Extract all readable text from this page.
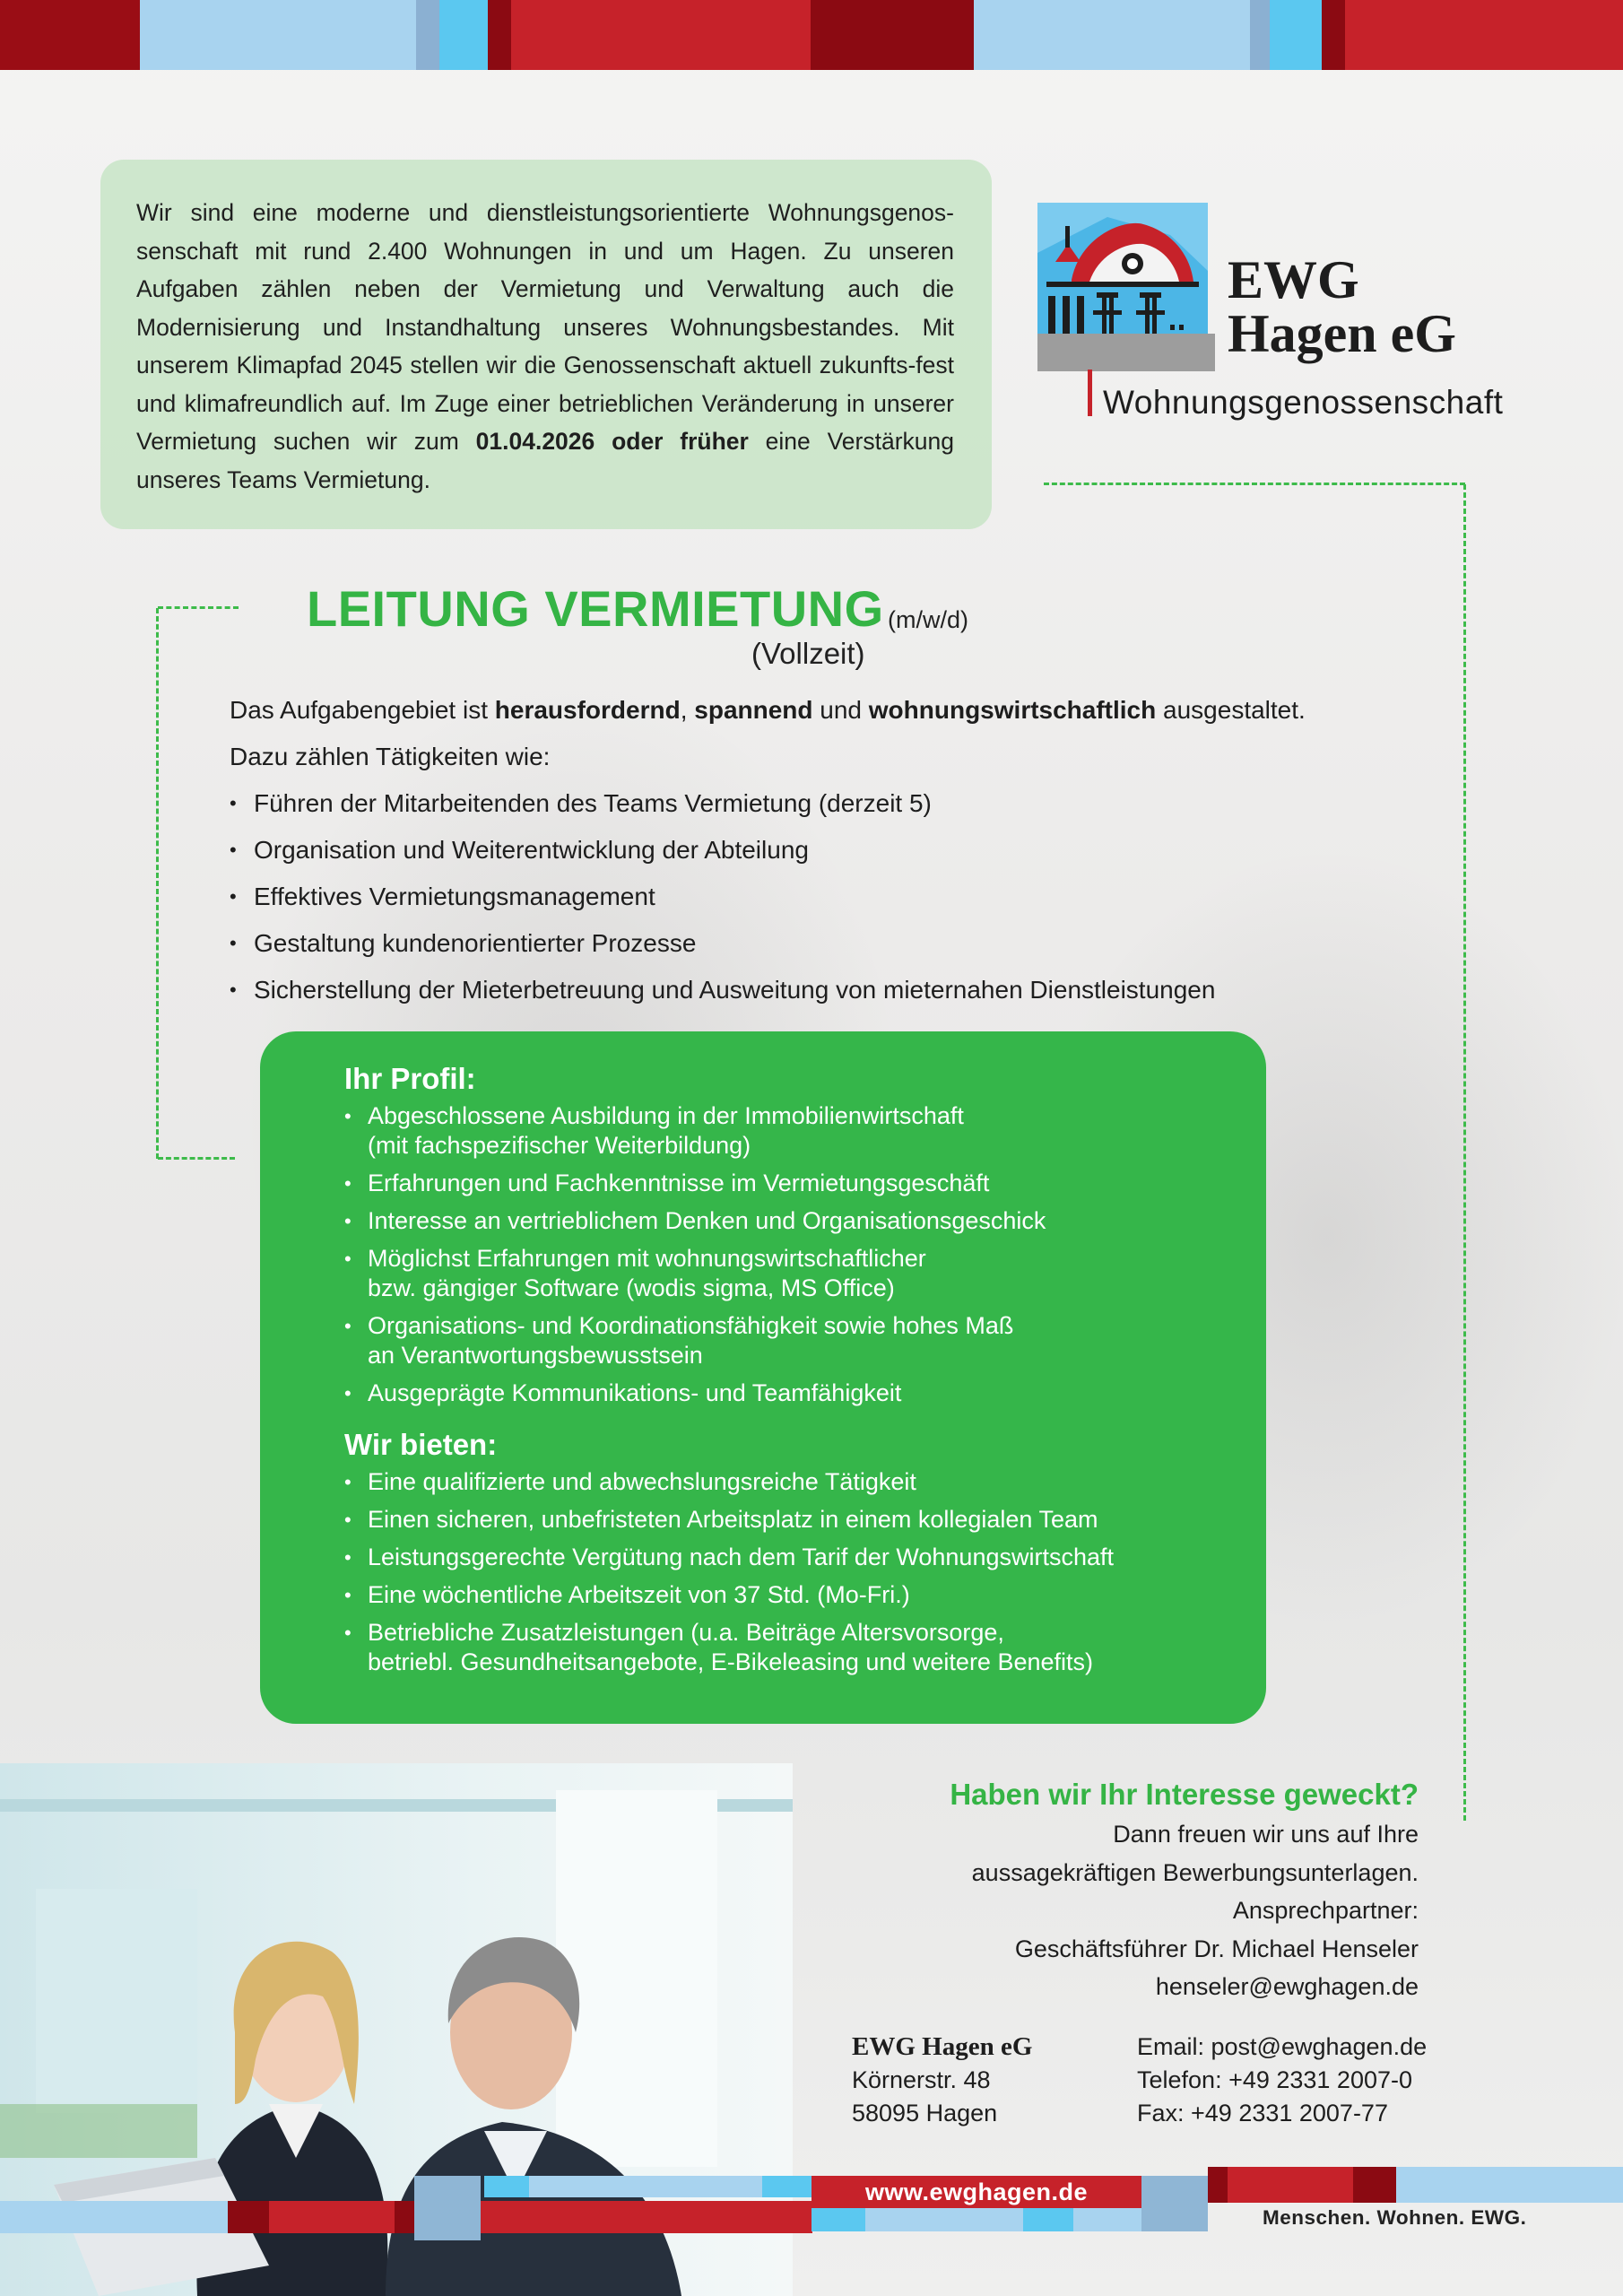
Wir sind eine moderne und dienstleistungsorientierte Wohnungsgenos-senschaft mit rund 2.400 Wohnungen in und um Hagen. Zu unseren Aufgaben zählen neben der Vermietung und Verwaltung auch die Modernisierung und Instandhaltung unseres Wohnungsbestandes. Mit unserem Klimapfad 2045 stellen wir die Genossenschaft aktuell zukunfts-fest und klimafreundlich auf. Im Zuge einer betrieblichen Veränderung in unserer Vermietung suchen wir zum 01.04.2026 oder früher eine Verstärkung unseres Teams Vermietung.
EWG
Hagen eG
Wohnungsgenossenschaft
LEITUNG VERMIETUNG (m/w/d)
(Vollzeit)

Das Aufgabengebiet ist herausfordernd, spannend und wohnungswirtschaftlich ausgestaltet.

Dazu zählen Tätigkeiten wie:

• Führen der Mitarbeitenden des Teams Vermietung (derzeit 5)
• Organisation und Weiterentwicklung der Abteilung
• Effektives Vermietungsmanagement
• Gestaltung kundenorientierter Prozesse
• Sicherstellung der Mieterbetreuung und Ausweitung von mieternahen Dienstleistungen
Ihr Profil:
• Abgeschlossene Ausbildung in der Immobilienwirtschaft
(mit fachspezifischer Weiterbildung)
• Erfahrungen und Fachkenntnisse im Vermietungsgeschäft
• Interesse an vertrieblichem Denken und Organisationsgeschick
• Möglichst Erfahrungen mit wohnungswirtschaftlicher
bzw. gängiger Software (wodis sigma, MS Office)
• Organisations- und Koordinationsfähigkeit sowie hohes Maß
an Verantwortungsbewusstsein
• Ausgeprägte Kommunikations- und Teamfähigkeit
Wir bieten:
• Eine qualifizierte und abwechslungsreiche Tätigkeit
• Einen sicheren, unbefristeten Arbeitsplatz in einem kollegialen Team
• Leistungsgerechte Vergütung nach dem Tarif der Wohnungswirtschaft
• Eine wöchentliche Arbeitszeit von 37 Std. (Mo-Fri.)
• Betriebliche Zusatzleistungen (u.a. Beiträge Altersvorsorge,
betriebl. Gesundheitsangebote, E-Bikeleasing und weitere Benefits)
Haben wir Ihr Interesse geweckt?

Dann freuen wir uns auf Ihre

aussagekräftigen Bewerbungsunterlagen.

Ansprechpartner:

Geschäftsführer Dr. Michael Henseler

henseler@ewghagen.de

EWG Hagen eG

Körnerstr. 48

58095 Hagen

Email: post@ewghagen.de

Telefon: +49 2331 2007-0

Fax: +49 2331 2007-77

www.ewghagen.de
Menschen. Wohnen. EWG.
